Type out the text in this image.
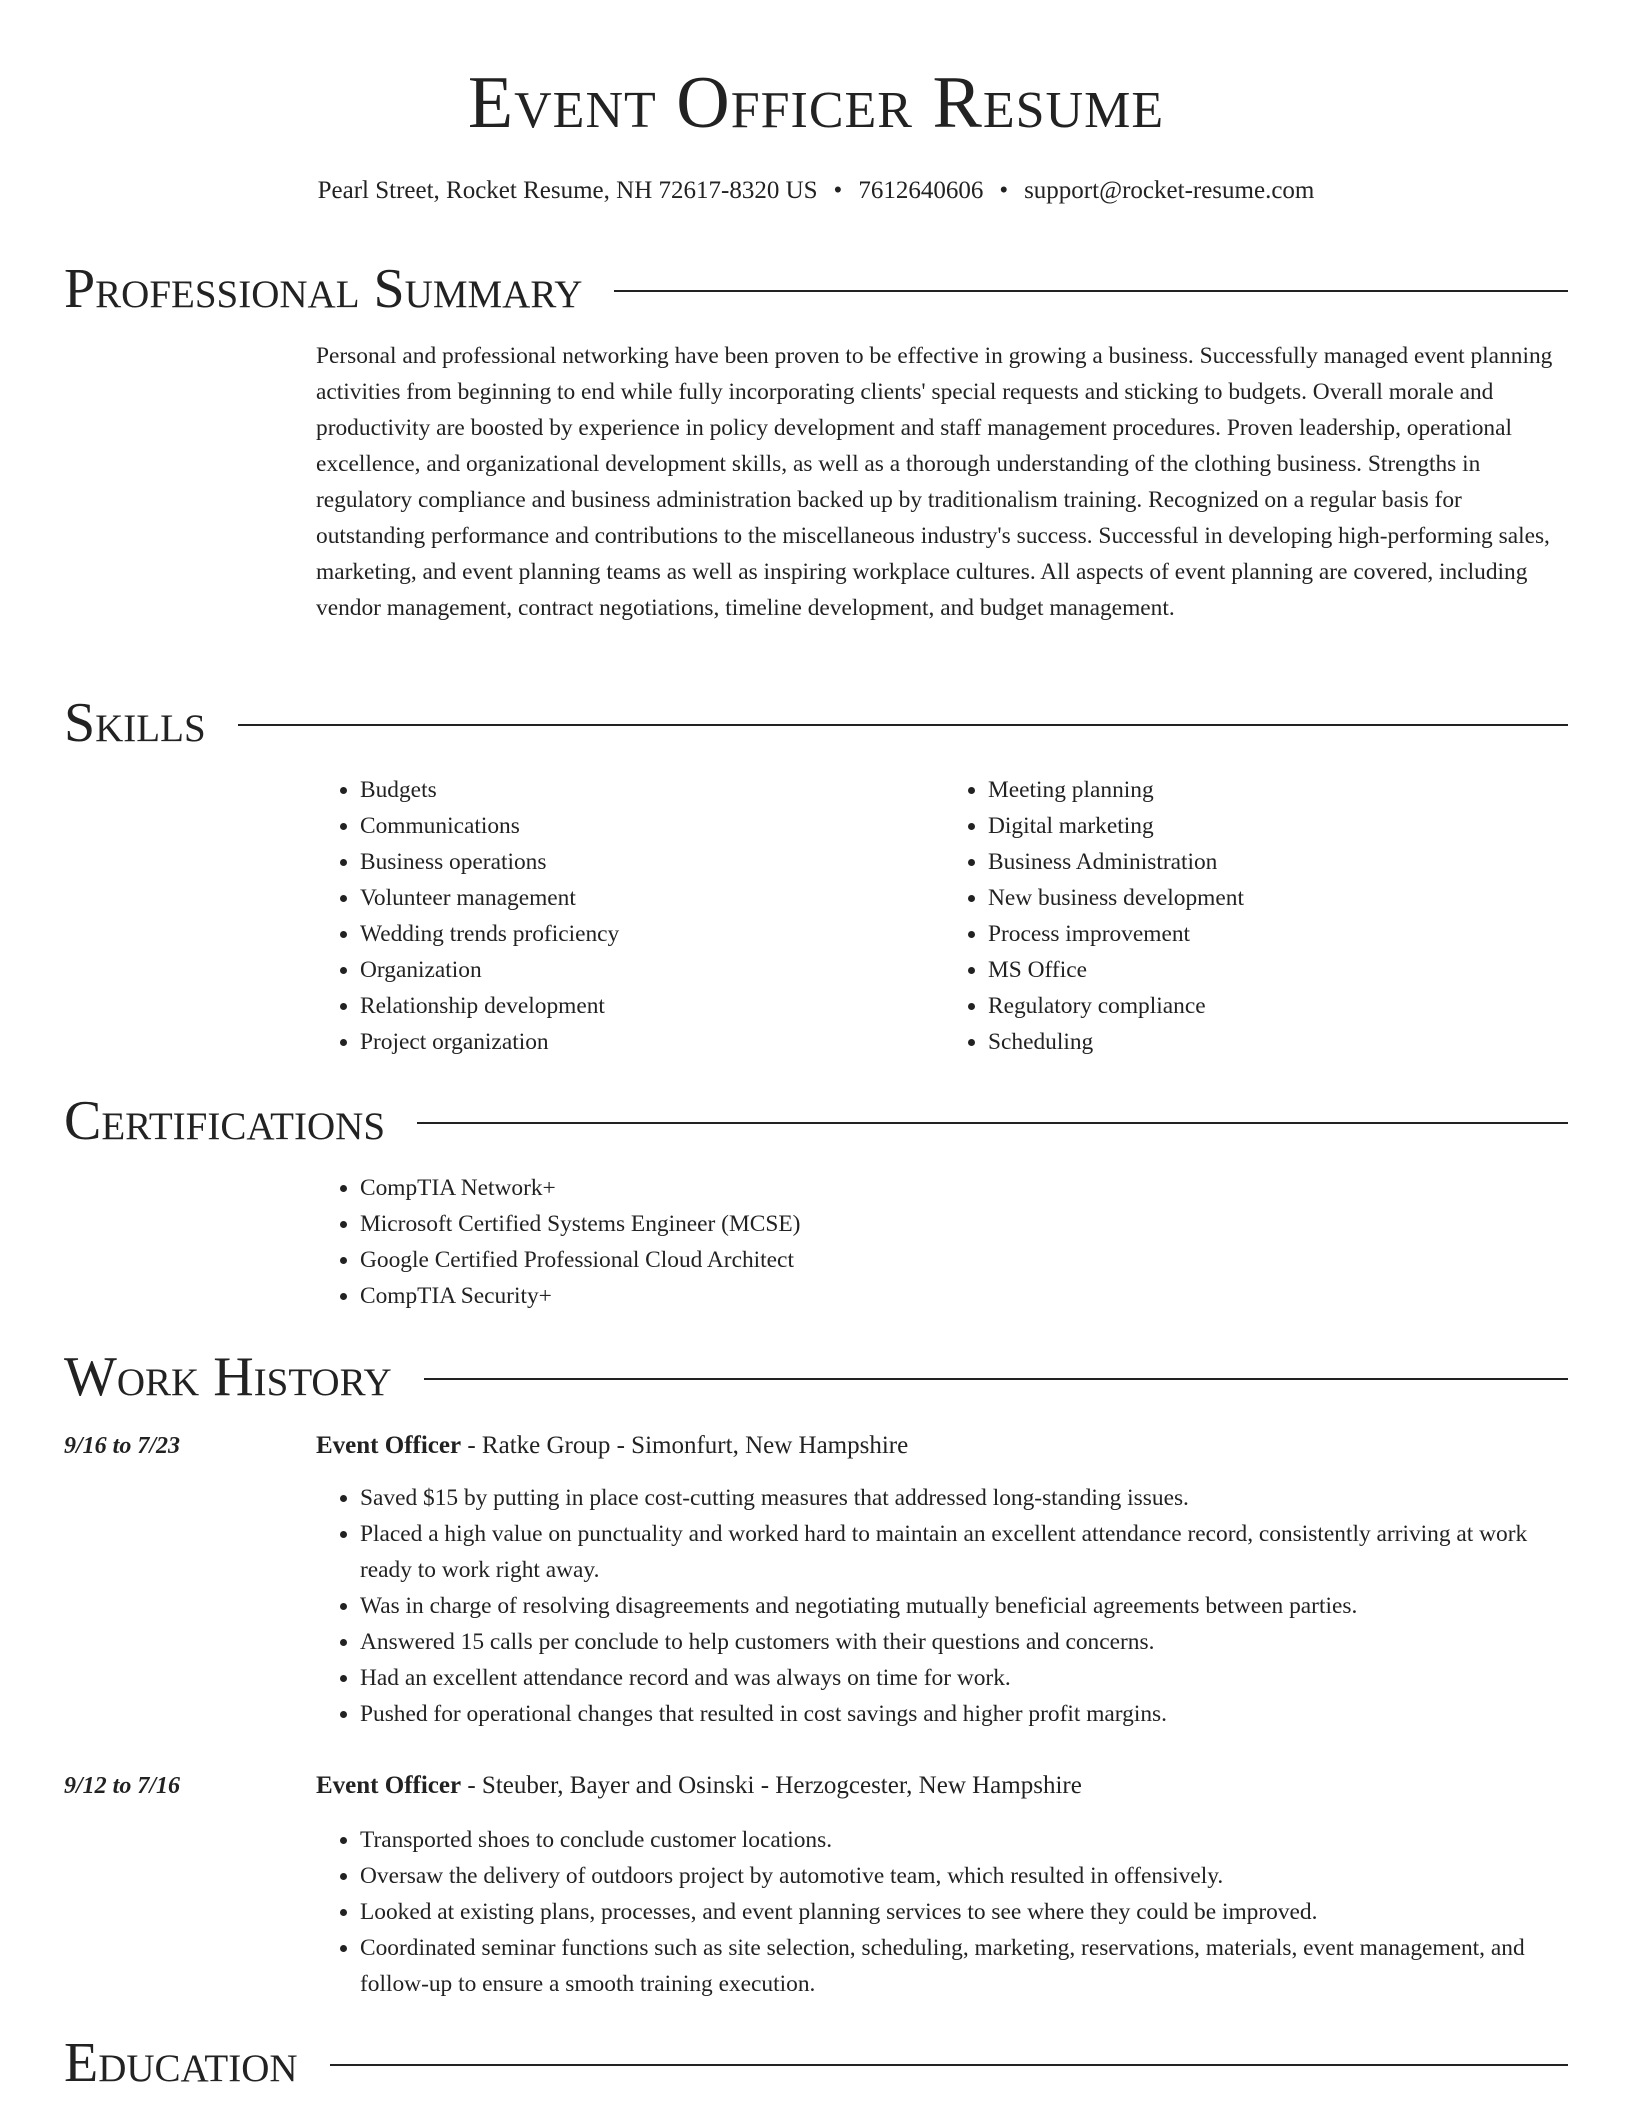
Event Officer Resume
Pearl Street, Rocket Resume, NH 72617-8320 US • 7612640606 • support@rocket-resume.com
Professional Summary

Personal and professional networking have been proven to be effective in growing a business. Successfully managed event planning activities from beginning to end while fully incorporating clients' special requests and sticking to budgets. Overall morale and productivity are boosted by experience in policy development and staff management procedures. Proven leadership, operational excellence, and organizational development skills, as well as a thorough understanding of the clothing business. Strengths in regulatory compliance and business administration backed up by traditionalism training. Recognized on a regular basis for outstanding performance and contributions to the miscellaneous industry's success. Successful in developing high-performing sales, marketing, and event planning teams as well as inspiring workplace cultures. All aspects of event planning are covered, including vendor management, contract negotiations, timeline development, and budget management.

Skills
• Budgets
• Communications
• Business operations
• Volunteer management
• Wedding trends proficiency
• Organization
• Relationship development
• Project organization
• Meeting planning
• Digital marketing
• Business Administration
• New business development
• Process improvement
• MS Office
• Regulatory compliance
• Scheduling
Certifications
• CompTIA Network+
• Microsoft Certified Systems Engineer (MCSE)
• Google Certified Professional Cloud Architect
• CompTIA Security+
Work History
9/16 to 7/23	Event Officer - Ratke Group - Simonfurt, New Hampshire
• Saved $15 by putting in place cost-cutting measures that addressed long-standing issues.
• Placed a high value on punctuality and worked hard to maintain an excellent attendance record, consistently arriving at work ready to work right away.
• Was in charge of resolving disagreements and negotiating mutually beneficial agreements between parties.
• Answered 15 calls per conclude to help customers with their questions and concerns.
• Had an excellent attendance record and was always on time for work.
• Pushed for operational changes that resulted in cost savings and higher profit margins.
9/12 to 7/16	Event Officer - Steuber, Bayer and Osinski - Herzogcester, New Hampshire
• Transported shoes to conclude customer locations.
• Oversaw the delivery of outdoors project by automotive team, which resulted in offensively.
• Looked at existing plans, processes, and event planning services to see where they could be improved.
• Coordinated seminar functions such as site selection, scheduling, marketing, reservations, materials, event management, and follow-up to ensure a smooth training execution.
Education
